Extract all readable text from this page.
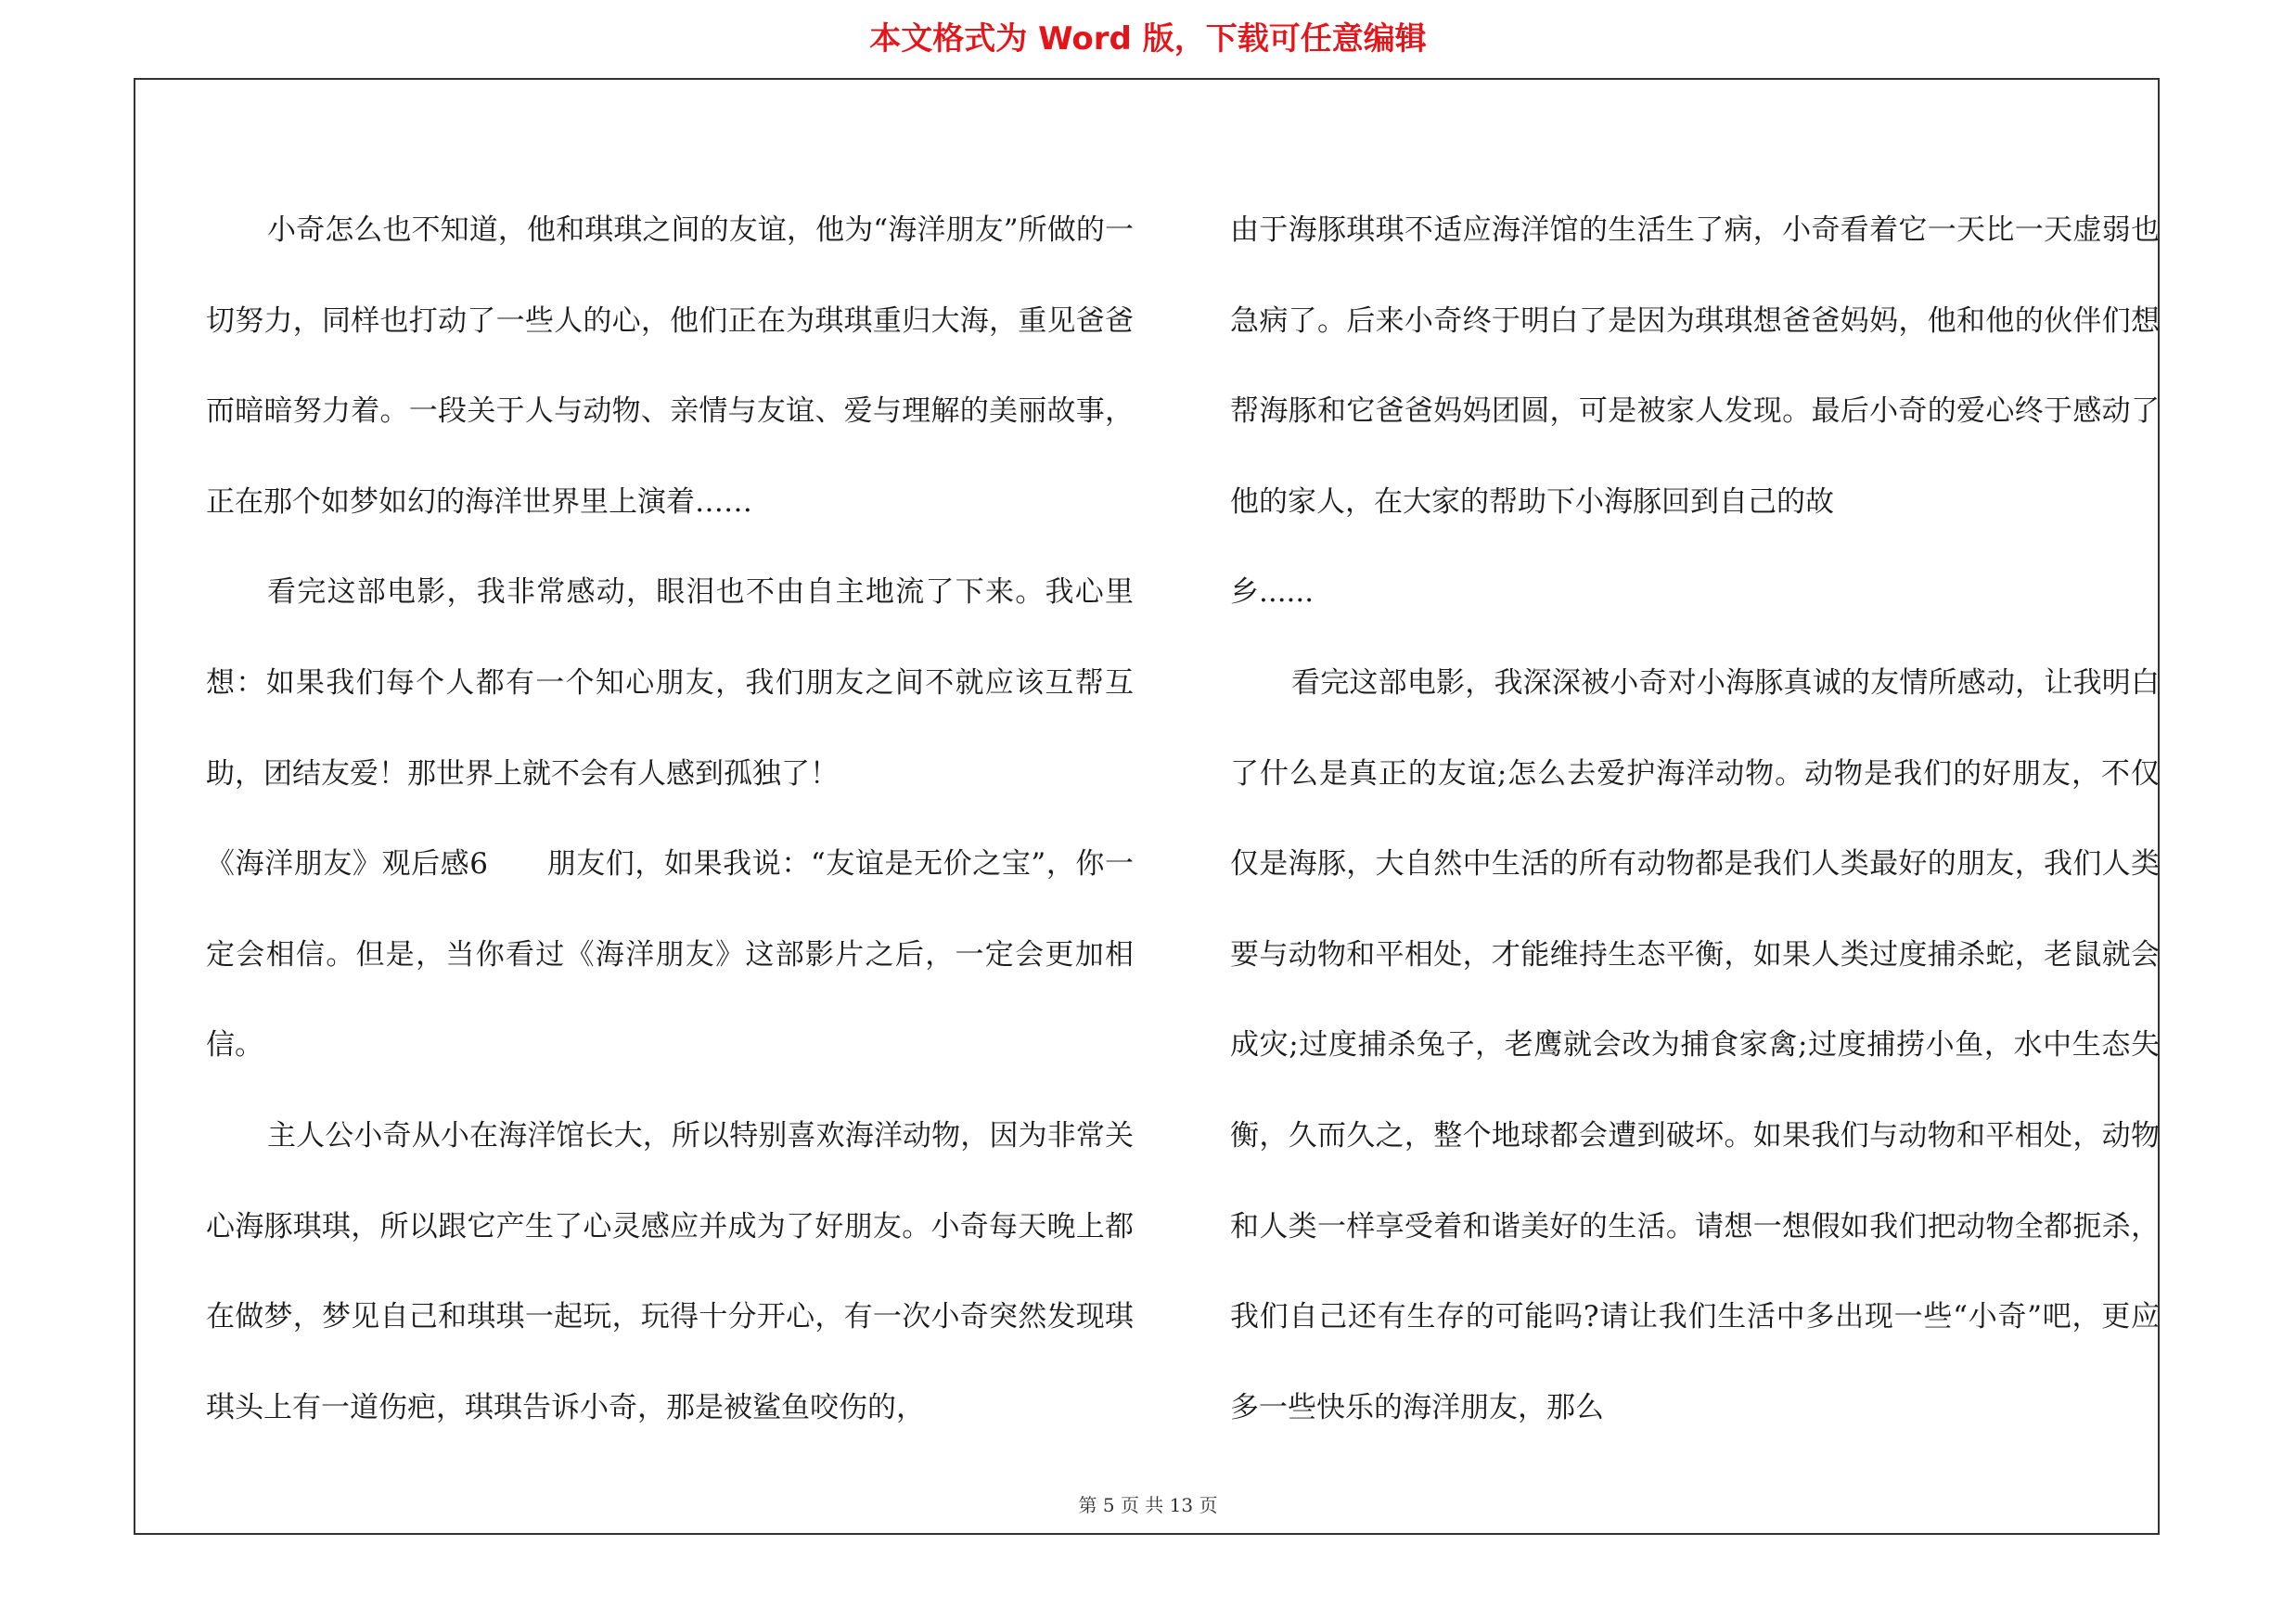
本文格式为 Word 版，下载可任意编辑

小奇怎么也不知道，他和琪琪之间的友谊，他为“海洋朋友”所做的一切努力，同样也打动了一些人的心，他们正在为琪琪重归大海，重见爸爸而暗暗努力着。一段关于人与动物、亲情与友谊、爱与理解的美丽故事，正在那个如梦如幻的海洋世界里上演着……

看完这部电影，我非常感动，眼泪也不由自主地流了下来。我心里想：如果我们每个人都有一个知心朋友，我们朋友之间不就应该互帮互助，团结友爱！那世界上就不会有人感到孤独了！

《海洋朋友》观后感6　　朋友们，如果我说：“友谊是无价之宝”，你一定会相信。但是，当你看过《海洋朋友》这部影片之后，一定会更加相信。

主人公小奇从小在海洋馆长大，所以特别喜欢海洋动物，因为非常关心海豚琪琪，所以跟它产生了心灵感应并成为了好朋友。小奇每天晚上都在做梦，梦见自己和琪琪一起玩，玩得十分开心，有一次小奇突然发现琪琪头上有一道伤疤，琪琪告诉小奇，那是被鲨鱼咬伤的，

由于海豚琪琪不适应海洋馆的生活生了病，小奇看着它一天比一天虚弱也急病了。后来小奇终于明白了是因为琪琪想爸爸妈妈，他和他的伙伴们想帮海豚和它爸爸妈妈团圆，可是被家人发现。最后小奇的爱心终于感动了他的家人，在大家的帮助下小海豚回到自己的故

乡......

看完这部电影，我深深被小奇对小海豚真诚的友情所感动，让我明白了什么是真正的友谊;怎么去爱护海洋动物。动物是我们的好朋友，不仅仅是海豚，大自然中生活的所有动物都是我们人类最好的朋友，我们人类要与动物和平相处，才能维持生态平衡，如果人类过度捕杀蛇，老鼠就会成灾;过度捕杀兔子，老鹰就会改为捕食家禽;过度捕捞小鱼，水中生态失衡，久而久之，整个地球都会遭到破坏。如果我们与动物和平相处，动物和人类一样享受着和谐美好的生活。请想一想假如我们把动物全都扼杀，我们自己还有生存的可能吗?请让我们生活中多出现一些“小奇”吧，更应多一些快乐的海洋朋友，那么

第 5 页 共 13 页
